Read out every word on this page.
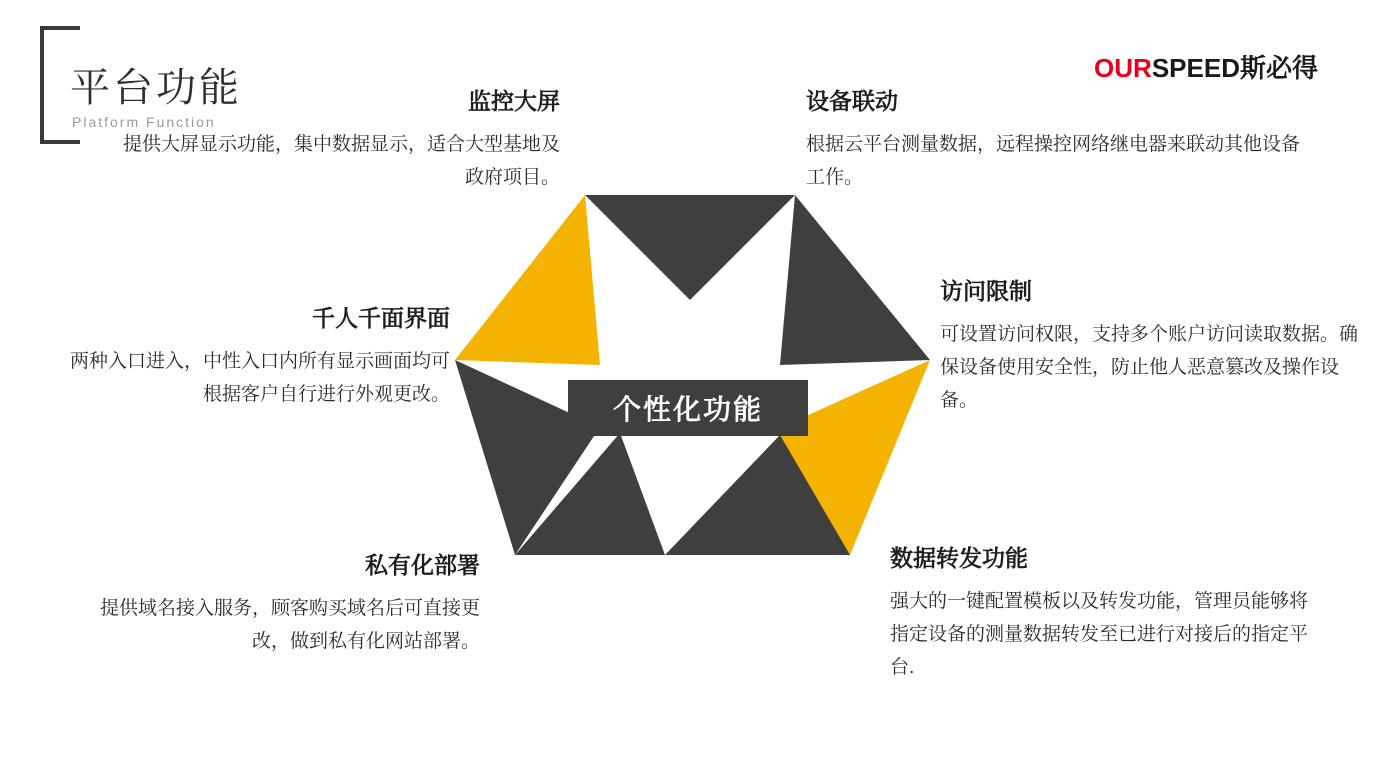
平台功能
Platform Function
OURSPEED斯必得
个性化功能
监控大屏
提供大屏显示功能，集中数据显示，适合大型基地及政府项目。
设备联动
根据云平台测量数据，远程操控网络继电器来联动其他设备工作。
千人千面界面
两种入口进入，中性入口内所有显示画面均可根据客户自行进行外观更改。
访问限制
可设置访问权限，支持多个账户访问读取数据。确保设备使用安全性，防止他人恶意篡改及操作设备。
私有化部署
提供域名接入服务，顾客购买域名后可直接更改，做到私有化网站部署。
数据转发功能
强大的一键配置模板以及转发功能，管理员能够将指定设备的测量数据转发至已进行对接后的指定平台.
